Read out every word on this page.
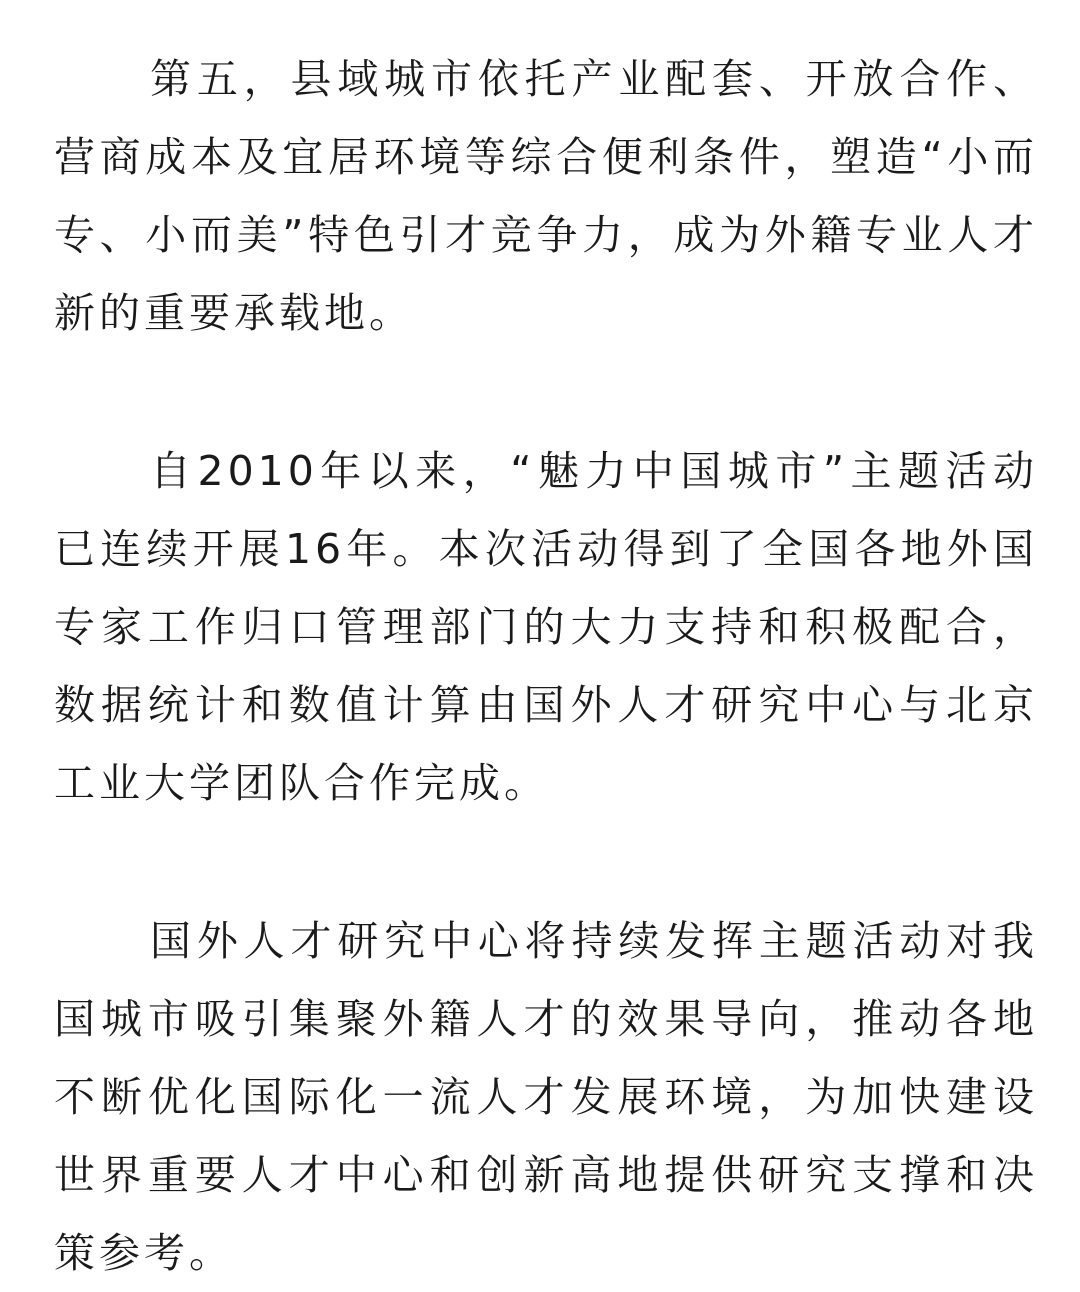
第五，县域城市依托产业配套、开放合作、营商成本及宜居环境等综合便利条件，塑造“小而专、小而美”特色引才竞争力，成为外籍专业人才新的重要承载地。

自2010年以来，“魅力中国城市”主题活动已连续开展16年。本次活动得到了全国各地外国专家工作归口管理部门的大力支持和积极配合，数据统计和数值计算由国外人才研究中心与北京工业大学团队合作完成。

国外人才研究中心将持续发挥主题活动对我国城市吸引集聚外籍人才的效果导向，推动各地不断优化国际化一流人才发展环境，为加快建设世界重要人才中心和创新高地提供研究支撑和决策参考。
